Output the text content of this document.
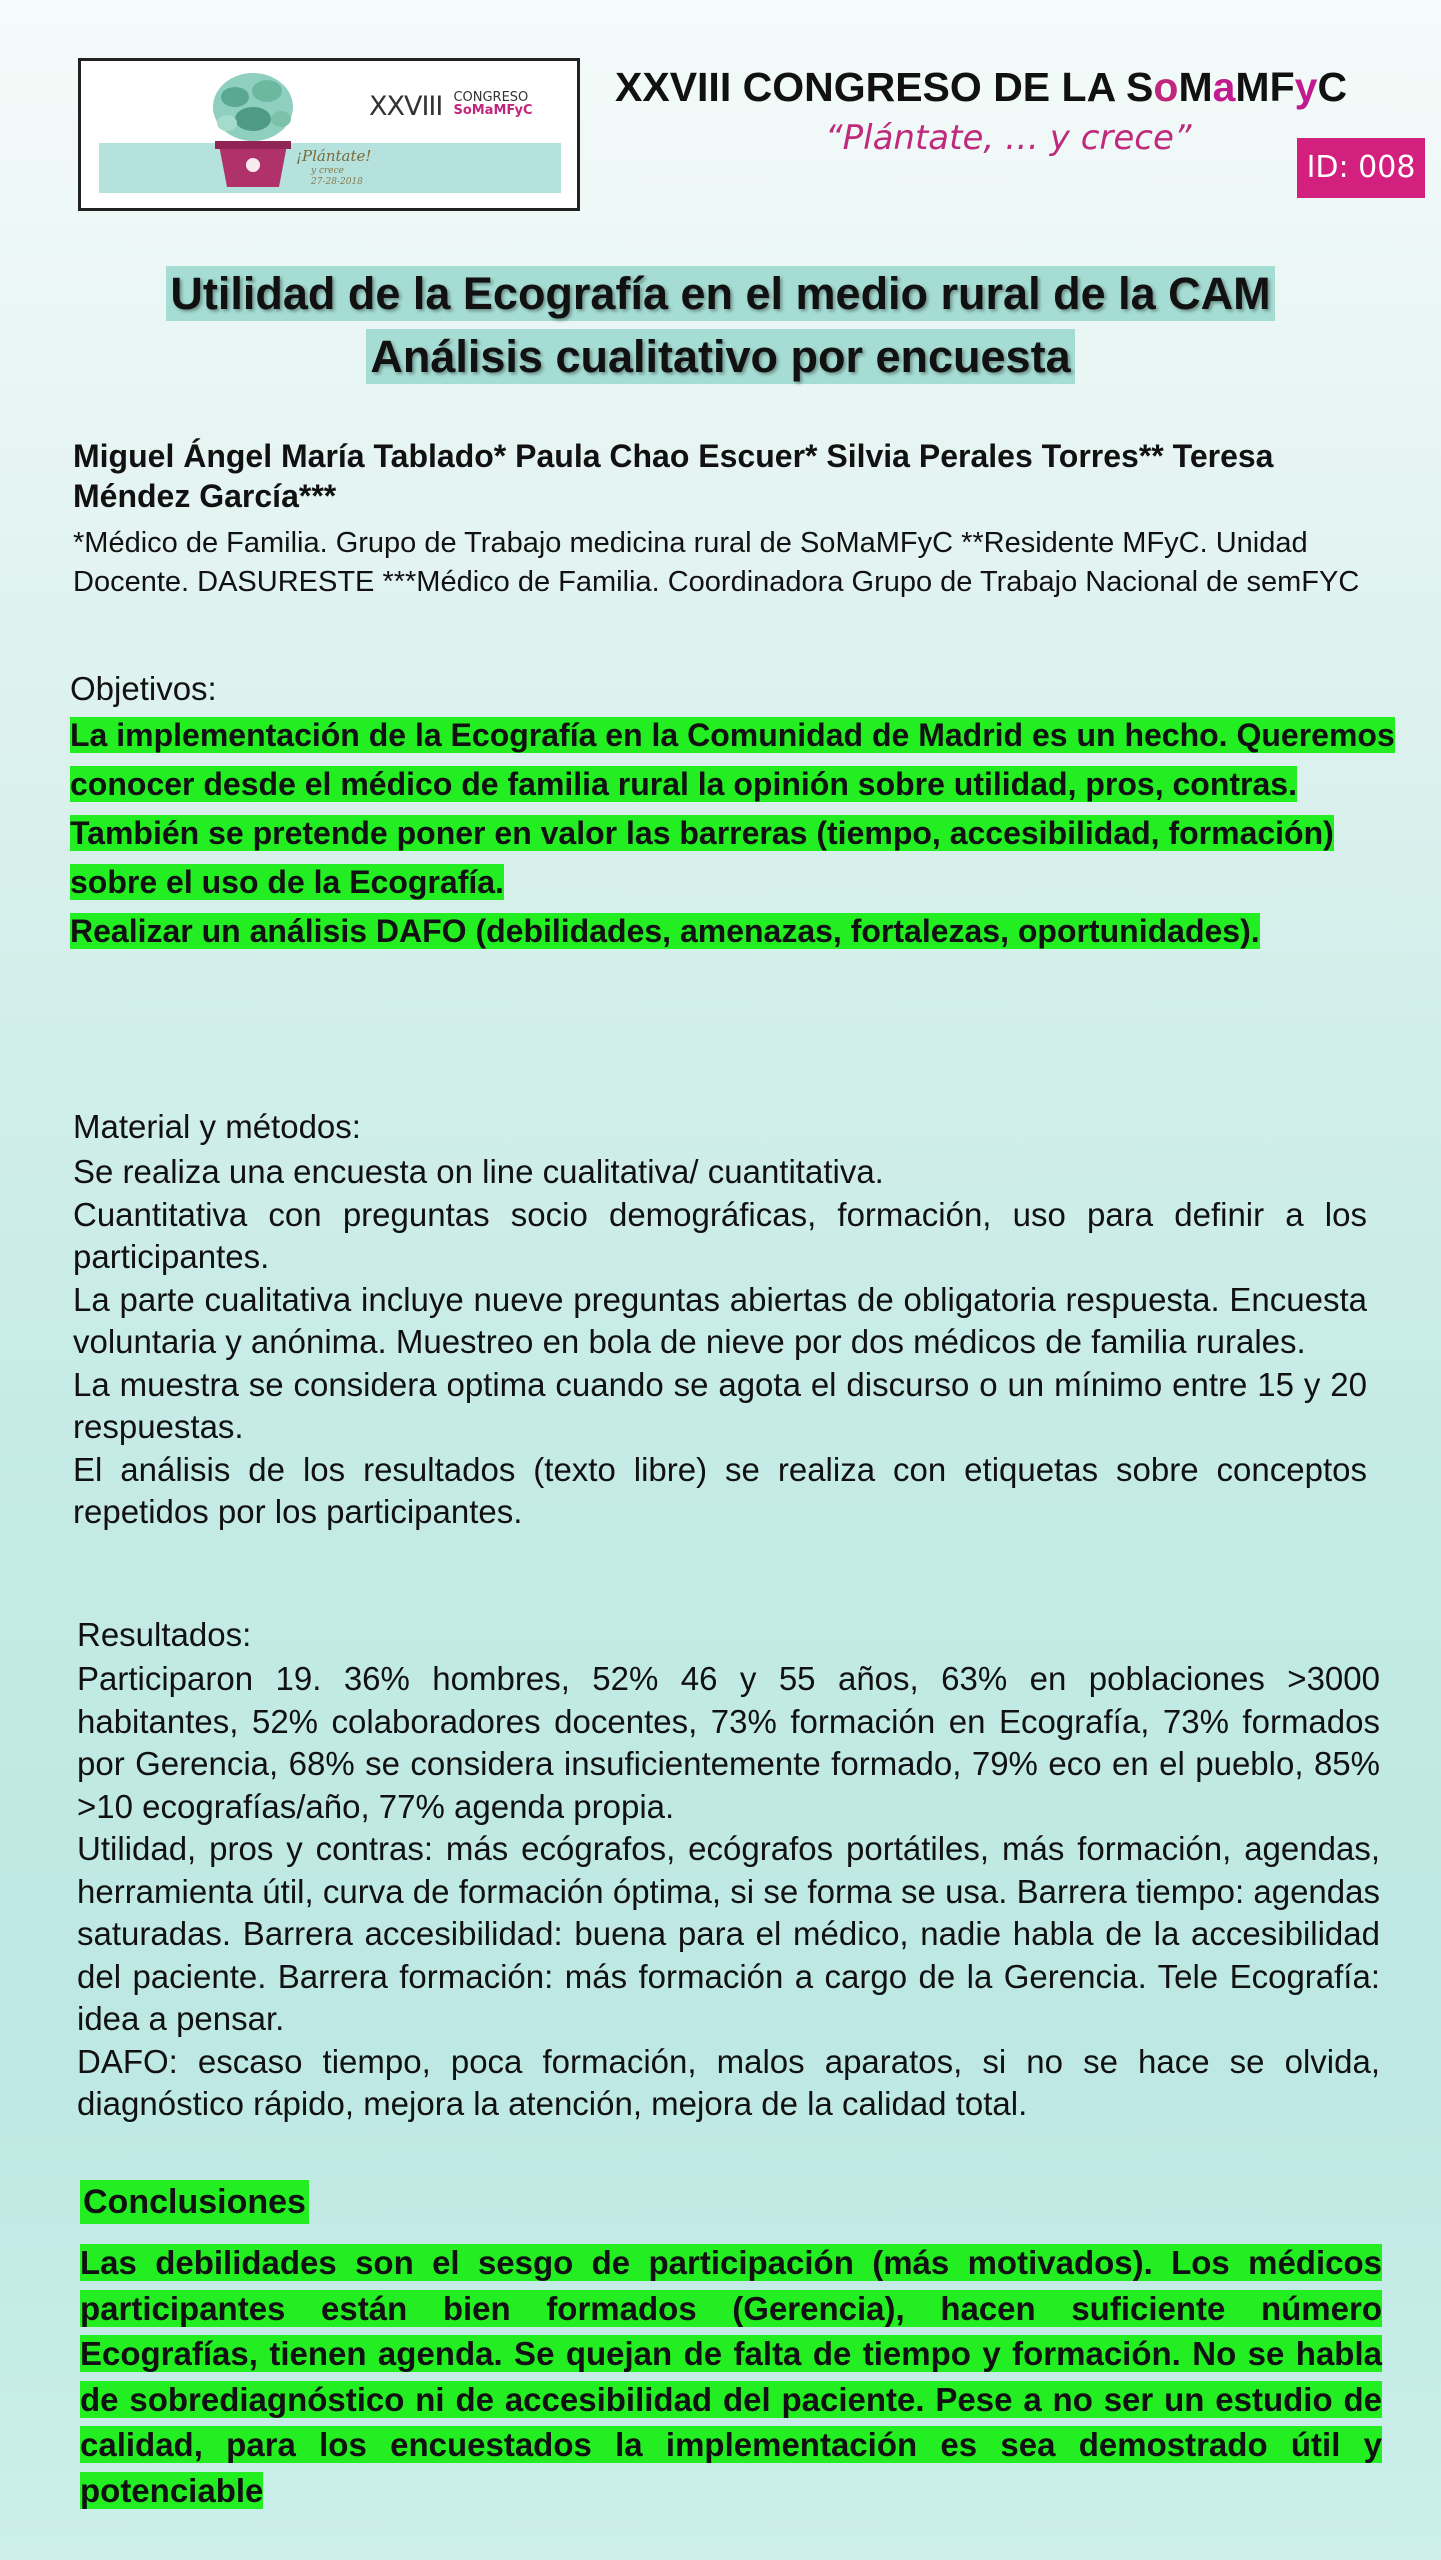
XXVIII CONGRESO
SoMaMFyC
¡Plántate!
y crece
27-28-2018
XXVIII CONGRESO DE LA SoMaMFyC
“Plántate, … y crece”
ID: 008
Utilidad de la Ecografía en el medio rural de la CAM
Análisis cualitativo por encuesta
Miguel Ángel María Tablado* Paula Chao Escuer* Silvia Perales Torres** Teresa Méndez García***
*Médico de Familia. Grupo de Trabajo medicina rural de SoMaMFyC **Residente MFyC. Unidad Docente. DASURESTE ***Médico de Familia. Coordinadora Grupo de Trabajo Nacional de semFYC
Objetivos:
La implementación de la Ecografía en la Comunidad de Madrid es un hecho. Queremos conocer desde el médico de familia rural la opinión sobre utilidad, pros, contras.
También se pretende poner en valor las barreras (tiempo, accesibilidad, formación) sobre el uso de la Ecografía.
Realizar un análisis DAFO (debilidades, amenazas, fortalezas, oportunidades).
Material y métodos:

Se realiza una encuesta on line cualitativa/ cuantitativa.

Cuantitativa con preguntas socio demográficas, formación, uso para definir a los participantes.

La parte cualitativa incluye nueve preguntas abiertas de obligatoria respuesta. Encuesta voluntaria y anónima. Muestreo en bola de nieve por dos médicos de familia rurales.

La muestra se considera optima cuando se agota el discurso o un mínimo entre 15 y 20 respuestas.

El análisis de los resultados (texto libre) se realiza con etiquetas sobre conceptos repetidos por los participantes.

Resultados:

Participaron 19. 36% hombres, 52% 46 y 55 años, 63% en poblaciones >3000 habitantes, 52% colaboradores docentes, 73% formación en Ecografía, 73% formados por Gerencia, 68% se considera insuficientemente formado, 79% eco en el pueblo, 85% >10 ecografías/año, 77% agenda propia.

Utilidad, pros y contras: más ecógrafos, ecógrafos portátiles, más formación, agendas, herramienta útil, curva de formación óptima, si se forma se usa. Barrera tiempo: agendas saturadas. Barrera accesibilidad: buena para el médico, nadie habla de la accesibilidad del paciente. Barrera formación: más formación a cargo de la Gerencia. Tele Ecografía: idea a pensar.

DAFO: escaso tiempo, poca formación, malos aparatos, si no se hace se olvida, diagnóstico rápido, mejora la atención, mejora de la calidad total.

Conclusiones
Las debilidades son el sesgo de participación (más motivados). Los médicos participantes están bien formados (Gerencia), hacen suficiente número Ecografías, tienen agenda. Se quejan de falta de tiempo y formación. No se habla de sobrediagnóstico ni de accesibilidad del paciente. Pese a no ser un estudio de calidad, para los encuestados la implementación es sea demostrado útil y potenciable
